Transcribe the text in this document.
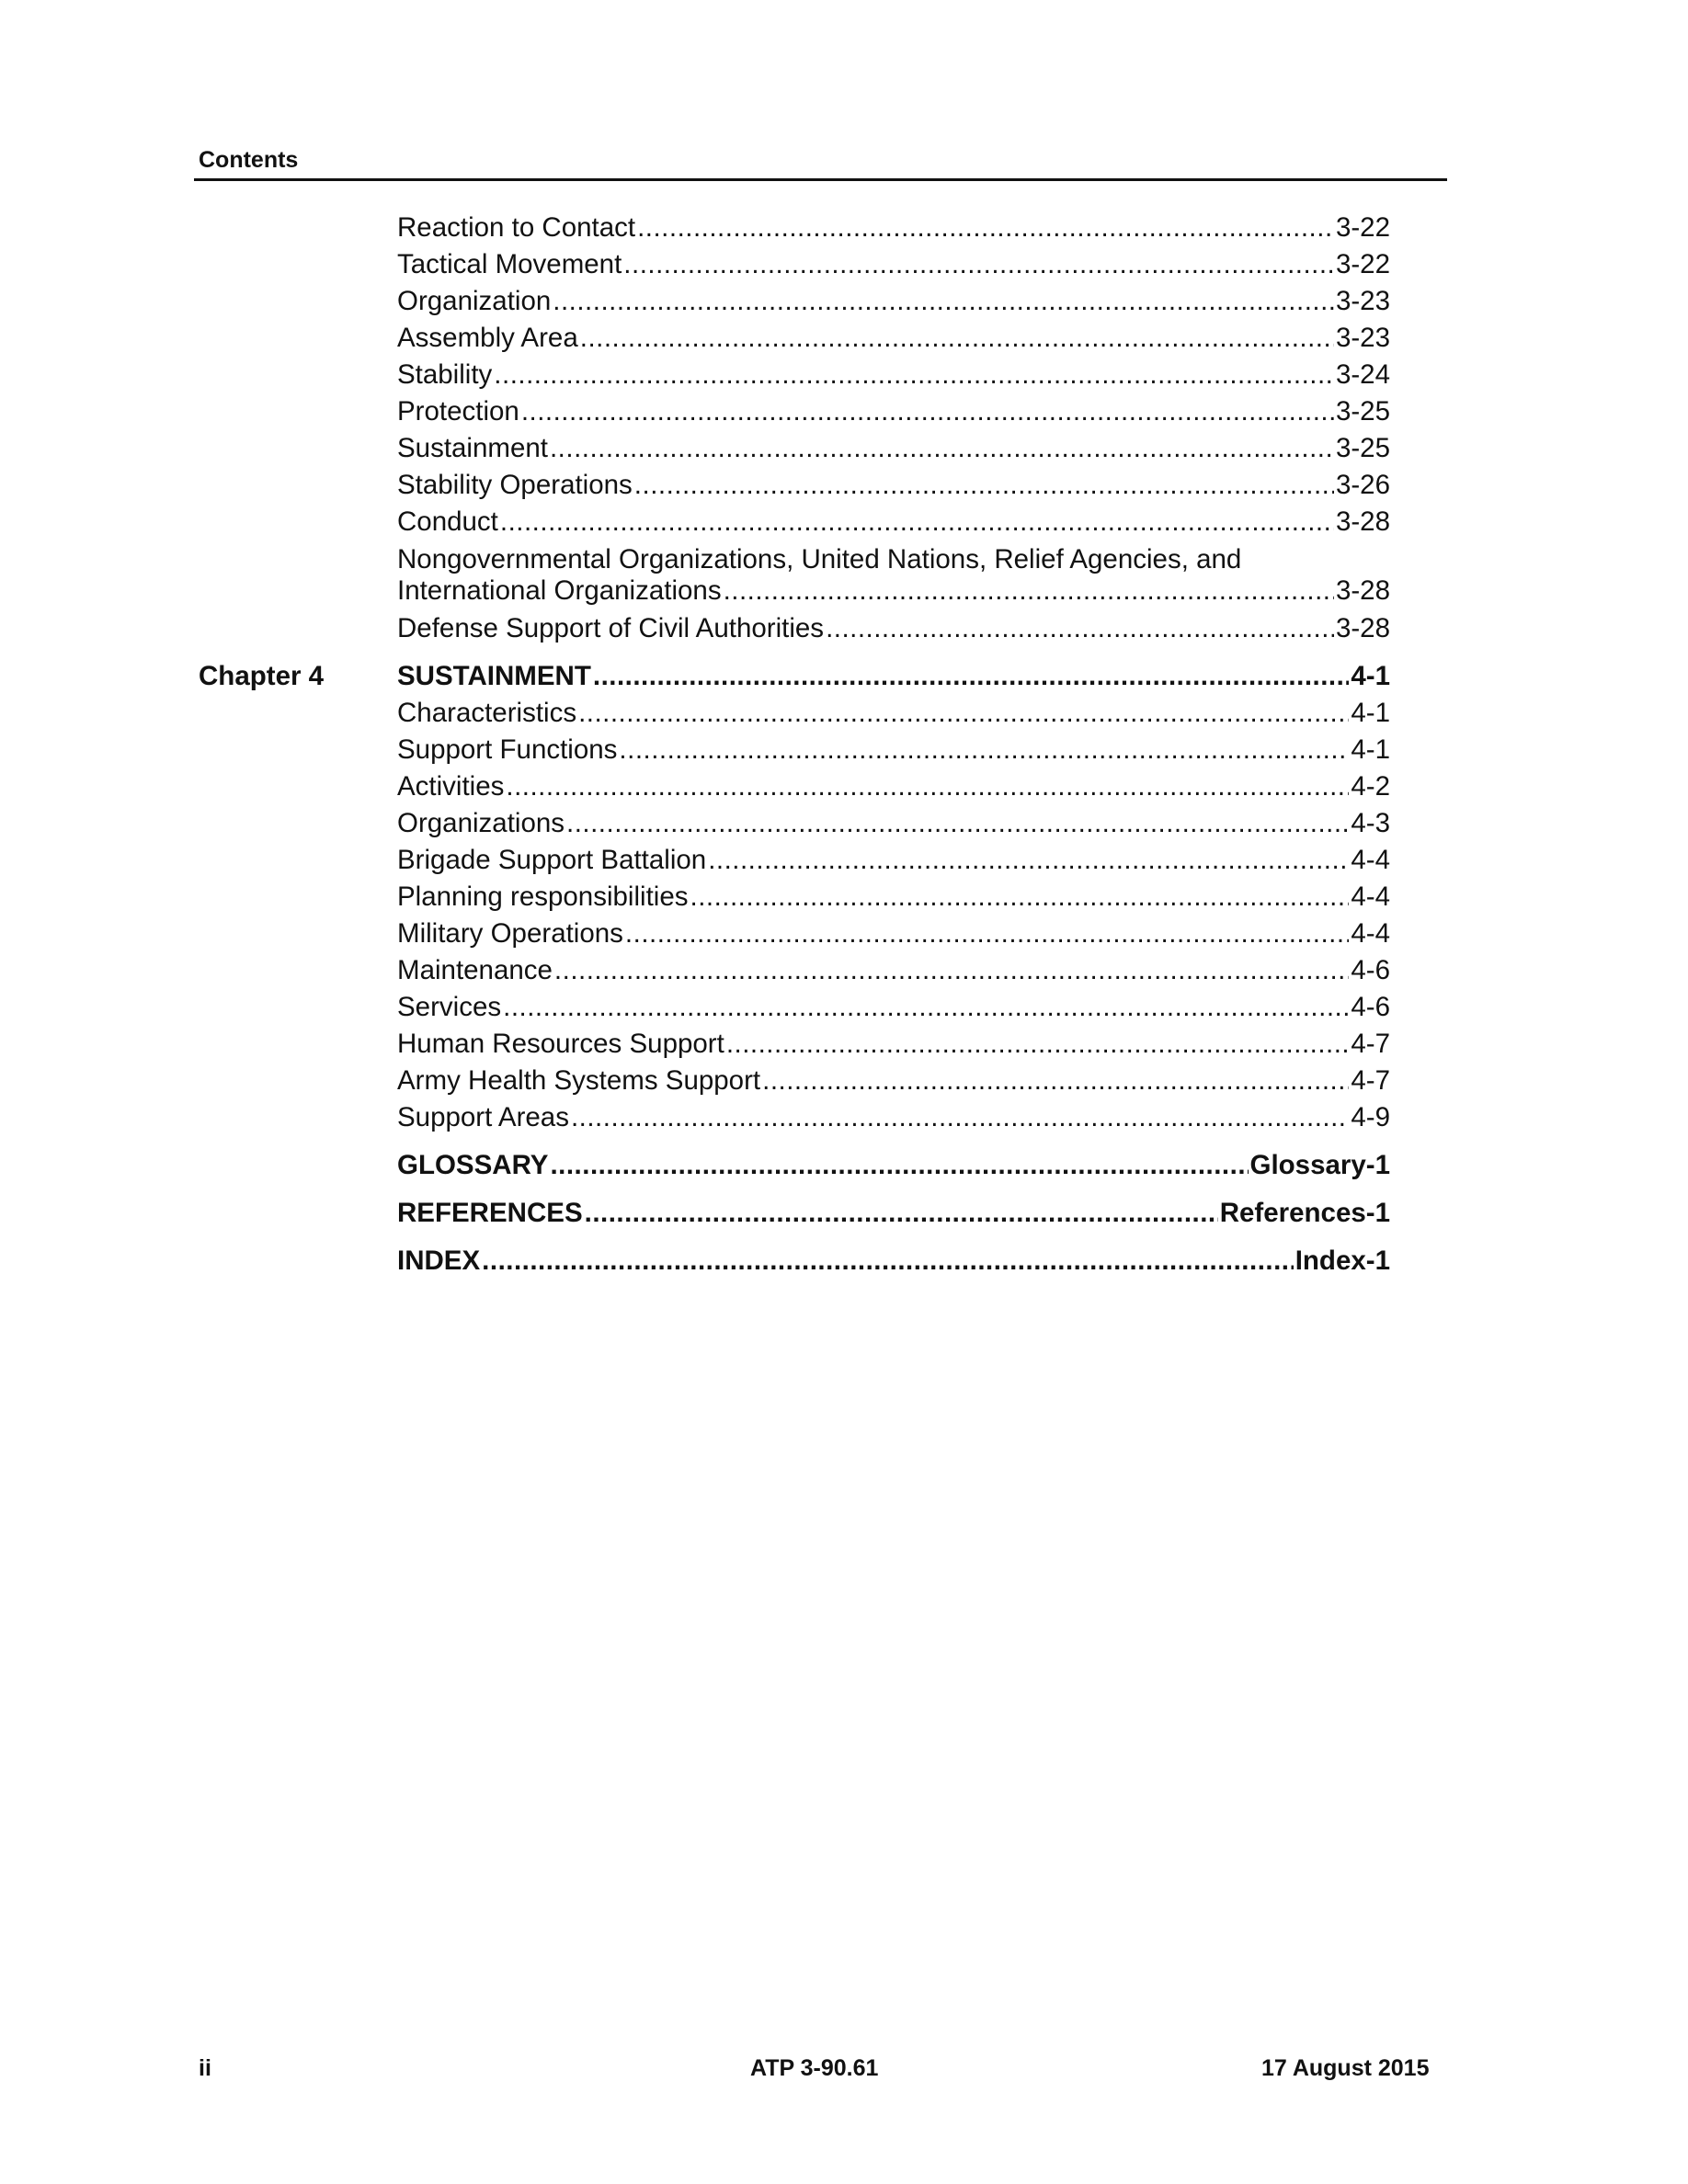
Contents
Reaction to Contact .....	3-22
Tactical Movement .....	3-22
Organization .....	3-23
Assembly Area .....	3-23
Stability .....	3-24
Protection .....	3-25
Sustainment .....	3-25
Stability Operations .....	3-26
Conduct .....	3-28
Nongovernmental Organizations, United Nations, Relief Agencies, and
International Organizations .....	3-28
Defense Support of Civil Authorities .....	3-28
Chapter 4	SUSTAINMENT .....	4-1
Characteristics .....	4-1
Support Functions .....	4-1
Activities .....	4-2
Organizations .....	4-3
Brigade Support Battalion .....	4-4
Planning responsibilities .....	4-4
Military Operations .....	4-4
Maintenance .....	4-6
Services .....	4-6
Human Resources Support .....	4-7
Army Health Systems Support .....	4-7
Support Areas .....	4-9
GLOSSARY .....	Glossary-1
REFERENCES .....	References-1
INDEX .....	Index-1
ii	ATP 3-90.61	17 August 2015
